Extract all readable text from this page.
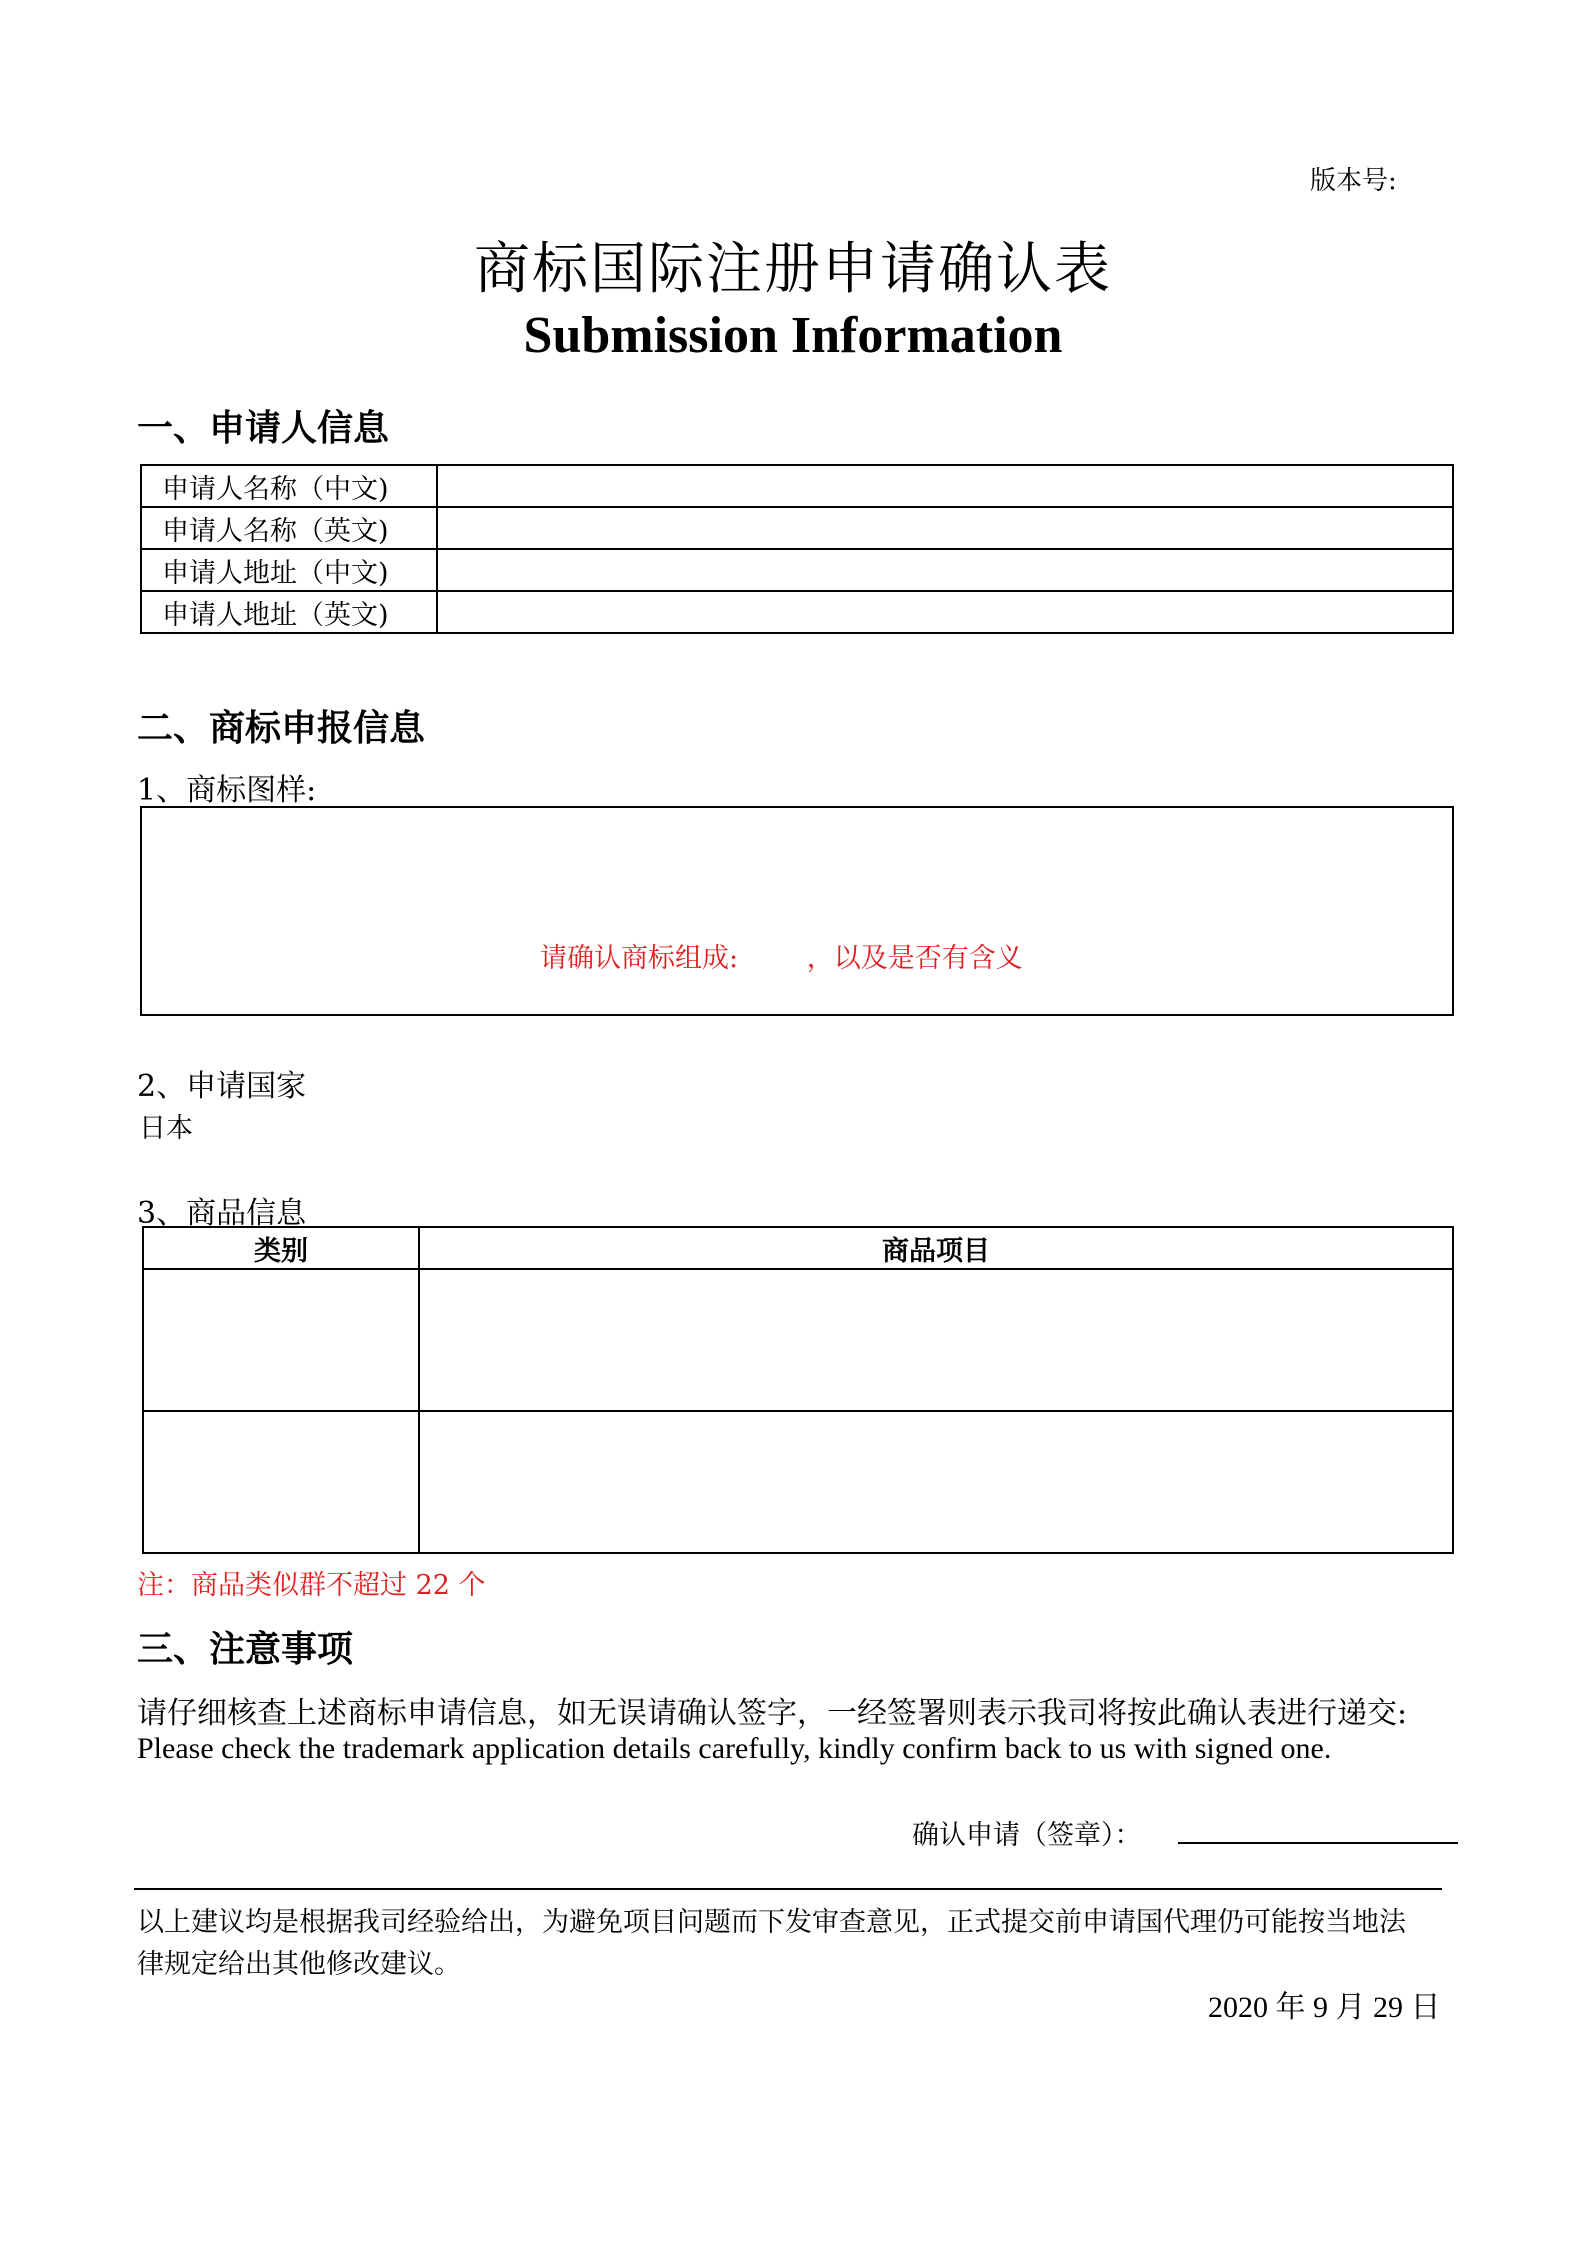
版本号:
商标国际注册申请确认表
Submission Information
一、申请人信息
申请人名称（中文)	
申请人名称（英文)	
申请人地址（中文)	
申请人地址（英文)	
二、商标申报信息
1、商标图样:
请确认商标组成:        ，以及是否有含义
2、申请国家
日本
3、商品信息
类别	商品项目

注：商品类似群不超过 22 个
三、注意事项
请仔细核查上述商标申请信息，如无误请确认签字，一经签署则表示我司将按此确认表进行递交:
Please check the trademark application details carefully, kindly confirm back to us with signed one.
确认申请（签章）：
以上建议均是根据我司经验给出，为避免项目问题而下发审查意见，正式提交前申请国代理仍可能按当地法
律规定给出其他修改建议。
2020 年 9 月 29 日
